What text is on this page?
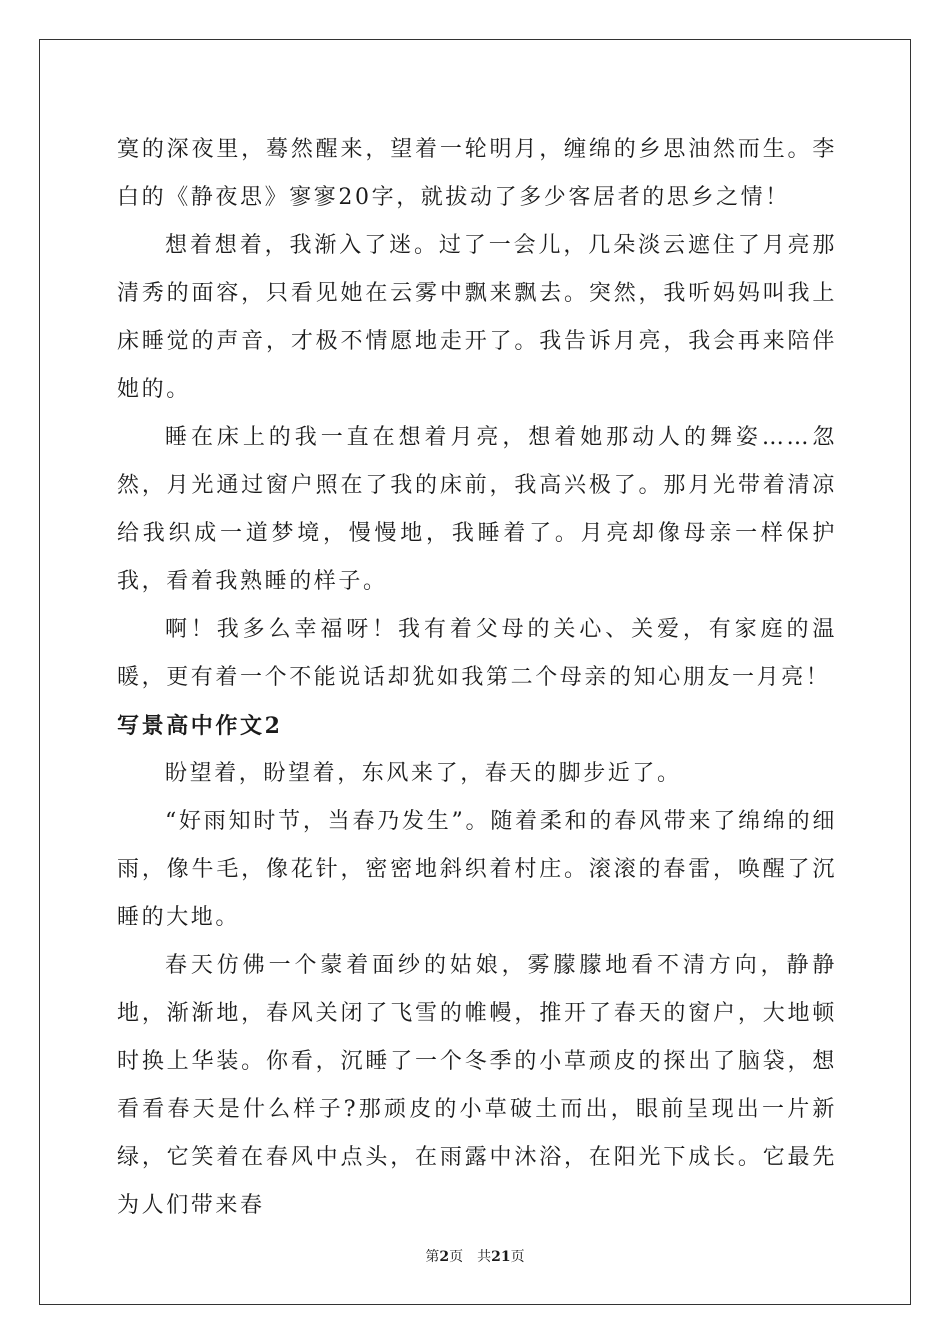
寞的深夜里，蓦然醒来，望着一轮明月，缠绵的乡思油然而生。李白的《静夜思》寥寥20字，就拔动了多少客居者的思乡之情！

想着想着，我渐入了迷。过了一会儿，几朵淡云遮住了月亮那清秀的面容，只看见她在云雾中飘来飘去。突然，我听妈妈叫我上床睡觉的声音，才极不情愿地走开了。我告诉月亮，我会再来陪伴她的。

睡在床上的我一直在想着月亮，想着她那动人的舞姿……忽然，月光通过窗户照在了我的床前，我高兴极了。那月光带着清凉给我织成一道梦境，慢慢地，我睡着了。月亮却像母亲一样保护我，看着我熟睡的样子。

啊！我多么幸福呀！我有着父母的关心、关爱，有家庭的温暖，更有着一个不能说话却犹如我第二个母亲的知心朋友一月亮！

写景高中作文2

盼望着，盼望着，东风来了，春天的脚步近了。

“好雨知时节，当春乃发生”。随着柔和的春风带来了绵绵的细雨，像牛毛，像花针，密密地斜织着村庄。滚滚的春雷，唤醒了沉睡的大地。

春天仿佛一个蒙着面纱的姑娘，雾朦朦地看不清方向，静静地，渐渐地，春风关闭了飞雪的帷幔，推开了春天的窗户，大地顿时换上华装。你看，沉睡了一个冬季的小草顽皮的探出了脑袋，想看看春天是什么样子?那顽皮的小草破土而出，眼前呈现出一片新绿，它笑着在春风中点头，在雨露中沐浴，在阳光下成长。它最先为人们带来春

第2页 共21页
